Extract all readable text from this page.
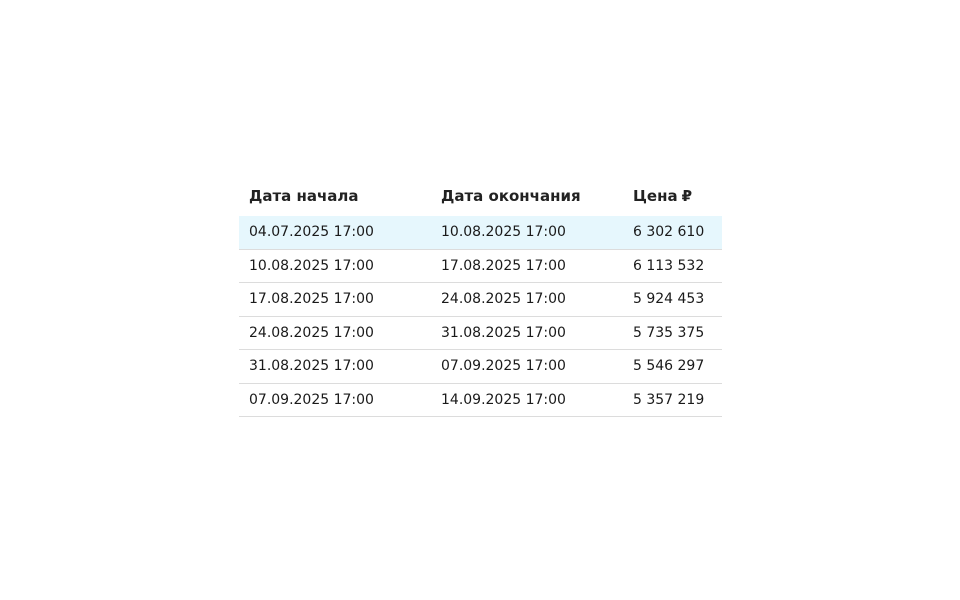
Дата начала	Дата окончания	Цена ₽
04.07.2025 17:00	10.08.2025 17:00	6 302 610
10.08.2025 17:00	17.08.2025 17:00	6 113 532
17.08.2025 17:00	24.08.2025 17:00	5 924 453
24.08.2025 17:00	31.08.2025 17:00	5 735 375
31.08.2025 17:00	07.09.2025 17:00	5 546 297
07.09.2025 17:00	14.09.2025 17:00	5 357 219
